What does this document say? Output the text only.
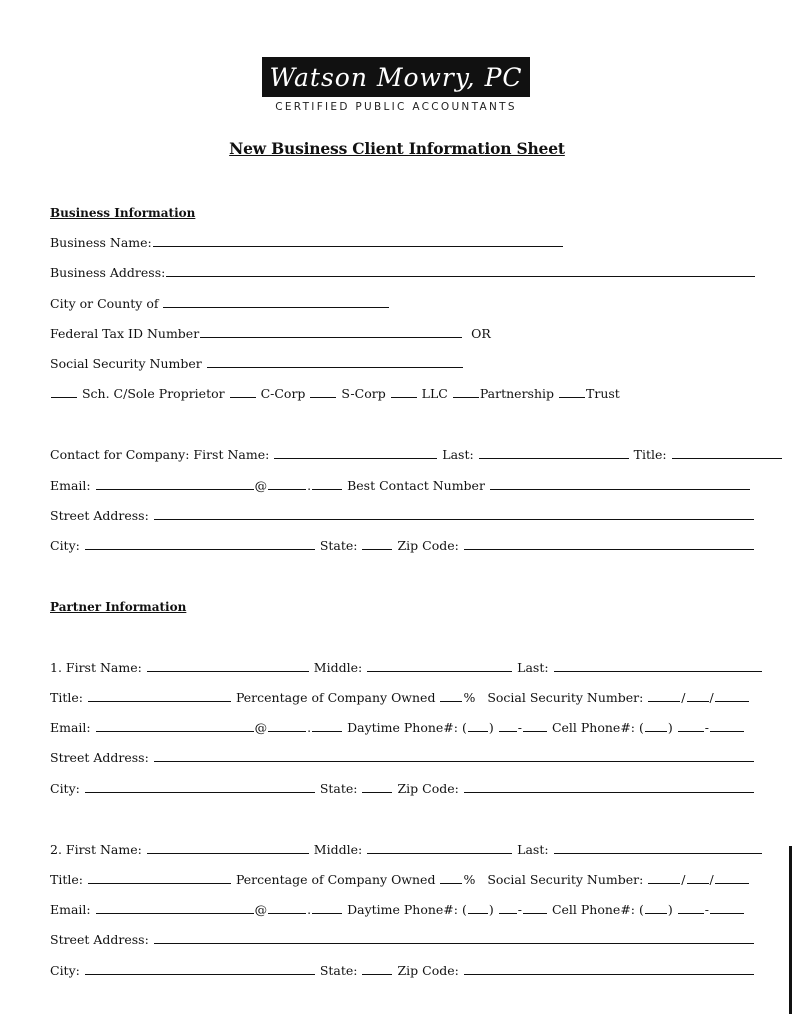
Watson Mowry, PC
CERTIFIED PUBLIC ACCOUNTANTS
New Business Client Information Sheet
Business Information
Business Name:
Business Address:
City or County of
Federal Tax ID Number	OR
Social Security Number
Sch. C/Sole Proprietor	C-Corp	S-Corp	LLC	Partnership	Trust
Contact for Company: First Name:	Last:	Title:
Email:	@	.	Best Contact Number
Street Address:
City:	State:	Zip Code:
Partner Information
1. First Name:	Middle:	Last:
Title:	Percentage of Company Owned % Social Security Number:	/ /
Email:	@	.	Daytime Phone#: ( ) - Cell Phone#: ( )	-
Street Address:
City:	State:	Zip Code:
2. First Name:	Middle:	Last:
Title:	Percentage of Company Owned % Social Security Number:	/ /
Email:	@	.	Daytime Phone#: ( ) - Cell Phone#: ( )	-
Street Address:
City:	State:	Zip Code:
